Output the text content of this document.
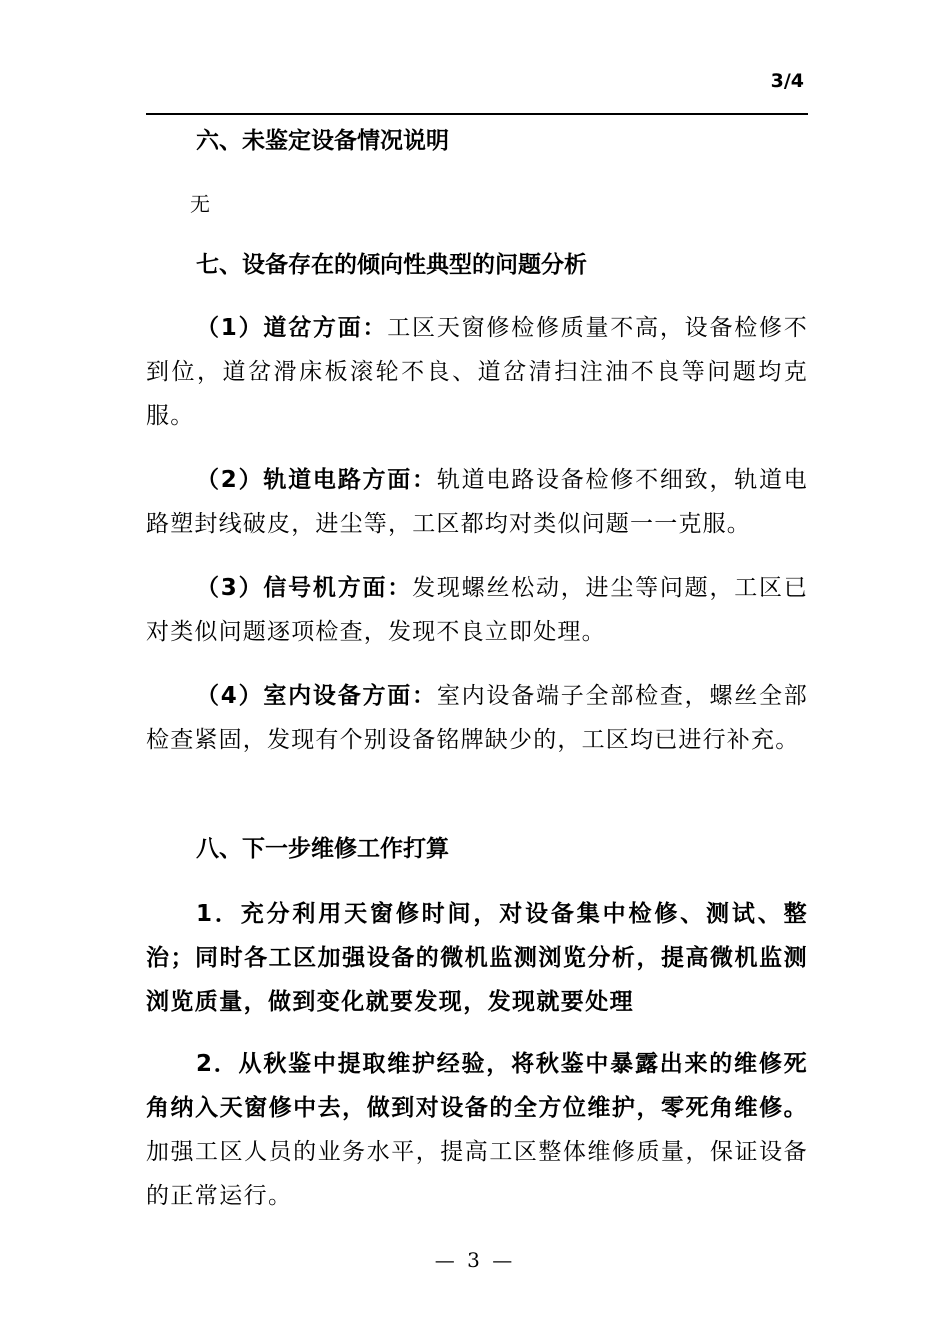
3/4
六、未鉴定设备情况说明
无
七、设备存在的倾向性典型的问题分析

（1）道岔方面：工区天窗修检修质量不高，设备检修不到位，道岔滑床板滚轮不良、道岔清扫注油不良等问题均克服。

（2）轨道电路方面：轨道电路设备检修不细致，轨道电路塑封线破皮，进尘等，工区都均对类似问题一一克服。

（3）信号机方面：发现螺丝松动，进尘等问题，工区已对类似问题逐项检查，发现不良立即处理。

（4）室内设备方面：室内设备端子全部检查，螺丝全部检查紧固，发现有个别设备铭牌缺少的，工区均已进行补充。

八、下一步维修工作打算

1．充分利用天窗修时间，对设备集中检修、测试、整治；同时各工区加强设备的微机监测浏览分析，提高微机监测浏览质量，做到变化就要发现，发现就要处理

2．从秋鉴中提取维护经验，将秋鉴中暴露出来的维修死角纳入天窗修中去，做到对设备的全方位维护，零死角维修。加强工区人员的业务水平，提高工区整体维修质量，保证设备的正常运行。

— 3 —
